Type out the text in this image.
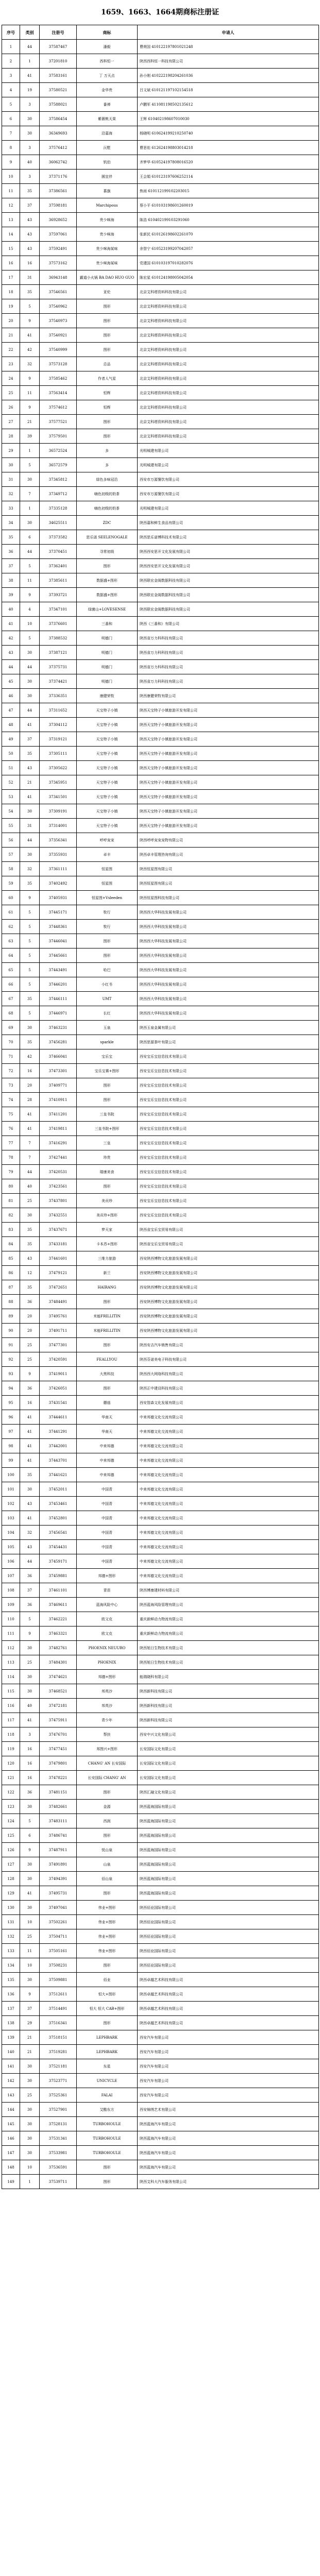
1659、1663、1664期商标注册证
序号	类别	注册号	商标	申请人
1	44	37587467	潘毅	曹荷国 410122197801021248
2	1	37201810	西科恒一	陕西西科恒一科技有限公司
3	41	37583161	丁 万天点	孙小刚 410222198204261036
4	19	37580521	金华贵	吕文斌 610121197102154518
5	3	37588021	番禅	卢鹏军 411081198502135612
6	30	37586454	紫薇桃天果	王辉 610402198607010030
7	30	36349693	沿嘉海	杨晓明 610624199210250740
8	3	37576412	沅墅	曹思佑 612624198803014218
9	40	36062742	钒伯	齐梦华 610524197808016520
10	3	37371176	圆宜伴	王会娟 610123197606252114
11	35	37386561	慕旗	焦雨 610112199102203015
12	37	37598181	Marchipous	蔡小平 610103198601260019
13	43	36928652	贵少咪海	陈浩 610402199103291060
14	43	37597061	贵少咪海	张新民 610126198602261070
15	43	37592491	贵少咪海某味	余智宁 610523199207042057
16	16	37573162	贵少咪海某味	党建国 610103197010282076
17	31	36943148	霸道小火锅 BA DAO HUO GUO	陈宏星 610124198005042054
18	35	37546561	亚伦	北京艾科塔资料科技有限公司
19	5	37540962	图形	北京艾科塔资料科技有限公司
20	9	37540973	图形	北京艾科塔资料科技有限公司
21	41	37540921	图形	北京艾科塔资料科技有限公司
22	42	37540999	图形	北京艾科塔资料科技有限公司
23	32	37573128	忌品	北京艾科塔资料科技有限公司
24	9	37585462	作者人气星	北京艾科塔资料科技有限公司
25	11	37563414	恒辉	北京艾科塔资料科技有限公司
26	9	37574612	恒辉	北京艾科塔资料科技有限公司
27	21	37577521	图形	北京艾科塔资料科技有限公司
28	39	37579501	图形	北京艾科塔资料科技有限公司
29	1	36572524	多	光明城建有限公司
30	5	36572579	多	光明城建有限公司
31	30	37345812	绿色多味冠沿	西安市万源餐饮有限公司
32	7	37349712	嗨色初级的奶茶	西安市万源餐饮有限公司
33	1	37335128	嗨色初级的奶茶	光明城建有限公司
34	30	34625511	ZDC	陕西嘉和鲜生食品有限公司
35	6	37373582	思乐诺 SEELENOGALE	陕西思乐诺博科技术有限公司
36	44	37370451	寻常初级	陕西西安思开文化发展有限公司
37	5	37362401	图形	陕西西安思开文化发展有限公司
38	11	37385611	数据盛+图形	陕西联宏金阁数据科技有限公司
39	9	37393721	数据盛+图形	陕西联宏金阁数据科技有限公司
40	4	37347101	绿菌山+LOVESENSE	陕西联宏金阁数据科技有限公司
41	10	37376601	三番和	陕西《三番和》有限公司
42	5	37388532	明德门	陕西省万力科科技有限公司
43	30	37387121	明德门	陕西省万力科科技有限公司
44	44	37375731	明德门	陕西省万力科科技有限公司
45	30	37374421	明德门	陕西省万力科科技有限公司
46	30	37336351	康健荣牧	陕西康健荣牧有限公司
47	44	37311652	天宝特子小镇	陕西天宝特子小镇旅游开发有限公司
48	41	37304112	天宝特子小镇	陕西天宝特子小镇旅游开发有限公司
49	37	37319121	天宝特子小镇	陕西天宝特子小镇旅游开发有限公司
50	35	37305111	天宝特子小镇	陕西天宝特子小镇旅游开发有限公司
51	43	37305622	天宝特子小镇	陕西天宝特子小镇旅游开发有限公司
52	21	37345951	天宝特子小镇	陕西天宝特子小镇旅游开发有限公司
53	41	37341501	天宝特子小镇	陕西天宝特子小镇旅游开发有限公司
54	30	37309191	天宝特子小镇	陕西天宝特子小镇旅游开发有限公司
55	31	37314001	天宝特子小镇	陕西天宝特子小镇旅游开发有限公司
56	44	37356341	呼呼宠宠	陕西呼呼宠宠宠物有限公司
57	30	37355931	卓丰	陕西卓丰管理咨询有限公司
58	32	37361111	恒星图	陕西恒星图有限公司
59	35	37402492	恒星图	陕西恒星图有限公司
60	9	37405931	恒星图+Vsleeden	陕西恒星图科技有限公司
61	5	37445171	牧行	陕西西大华科技发展有限公司
62	5	37448361	牧行	陕西西大华科技发展有限公司
63	5	37446041	图形	陕西西大华科技发展有限公司
64	5	37445661	图形	陕西西大华科技发展有限公司
65	5	37443491	哈巴	陕西西大华科技发展有限公司
66	5	37446201	小红书	陕西西大华科技发展有限公司
67	35	37446111	UMT	陕西西大华科技发展有限公司
68	5	37446971	长红	陕西西大华科技发展有限公司
69	30	37463231	玉泉	陕西玉泉金属有限公司
70	35	37456281	sparkle	陕西思源茶叶有限公司
71	42	37466041	宝乐宝	西安宝乐宝信息技术有限公司
72	16	37473301	宝乐宝赛+图形	西安宝乐宝信息技术有限公司
73	20	37409771	图形	西安宝乐宝信息技术有限公司
74	28	37410911	图形	西安宝乐宝信息技术有限公司
75	41	37411201	三皇书院	西安宝乐宝信息技术有限公司
76	41	37419811	三皇书院+图形	西安宝乐宝信息技术有限公司
77	7	37416291	三皇	西安宝乐宝信息技术有限公司
78	7	37427441	珍贵	西安宝乐宝信息技术有限公司
79	44	37420531	瑞康美食	西安宝乐宝信息技术有限公司
80	40	37423561	图形	西安宝乐宝信息技术有限公司
81	25	37437801	美贡珍	西安宝乐宝信息技术有限公司
82	30	37432551	美贡珍+图形	西安宝乐宝信息技术有限公司
83	35	37437671	梦天家	陕西省宝乐宝贸易有限公司
84	35	37433181	卡本苏+图形	陕西省宝乐宝贸易有限公司
85	43	37441601	三维力旅游	西安陕西博物文化旅游发展有限公司
86	12	37479121	新兰	西安陕西博物文化旅游发展有限公司
87	35	37472651	HAIRANG	西安陕西博物文化旅游发展有限公司
88	36	37484491	图形	西安陕西博物文化旅游发展有限公司
89	20	37495761	米能FRILLITIN	西安陕西博物文化旅游发展有限公司
90	20	37491711	米能FRILLITIN	西安陕西博物文化旅游发展有限公司
91	25	37477301	图形	陕西安吉汽车销售有限公司
92	25	37420591	FEALLYOU	陕西芬诺美电子科技有限公司
93	9	37419011	大黑科技	陕西西大网络科技有限公司
94	36	37426051	图形	陕西正中建设科技有限公司
95	16	37431541	蘑菇	西安智森文化发展有限公司
96	41	37444611	华南天	中来邦德文化交流有限公司
97	41	37441291	华南天	中来邦德文化交流有限公司
98	41	37442001	中来邦德	中来邦德文化交流有限公司
99	41	37443701	中来邦德	中来邦德文化交流有限公司
100	35	37441621	中来邦德	中来邦德文化交流有限公司
101	30	37452011	中国青	中来邦德文化交流有限公司
102	43	37453461	中国青	中来邦德文化交流有限公司
103	41	37452801	中国青	中来邦德文化交流有限公司
104	32	37456541	中国青	中来邦德文化交流有限公司
105	43	37454431	中国青	中来邦德文化交流有限公司
106	44	37459171	中国青	中来邦德文化交流有限公司
107	36	37459881	邦德+图形	中来邦德文化交流有限公司
108	37	37461101	青苗	陕西博康建材料有限公司
109	36	37469611	蓝海风险中心	陕西蓝海风险管理有限公司
110	5	37462221	欧文克	重庆新鲜动力物流有限公司
111	9	37463321	欧文克	重庆新鲜动力物流有限公司
112	30	37482761	PHOENIX NEUURO	陕西旭日生物技术有限公司
113	25	37484301	PHOENIX	陕西旭日生物技术有限公司
114	30	37474621	邦德+图形	能瑞晓科有限公司
115	30	37468521	邦英沙	陕西新科技有限公司
116	40	37472181	邦英沙	陕西新科技有限公司
117	41	37475911	青少年	陕西新科技有限公司
118	3	37476701	帮扶	西安中兴文化有限公司
119	16	37477451	邦图兴+图形	长安国际文化有限公司
120	16	37479801	CHANG' AN 长安国际	长安国际文化有限公司
121	16	37478221	长安国际 CHANG' AN	长安国际文化有限公司
122	36	37481151	图形	陕西汇融文化有限公司
123	30	37482661	金源	陕西蓝海国际有限公司
124	5	37483111	西润	陕西蓝海国际有限公司
125	6	37486741	图形	陕西蓝海国际有限公司
126	9	37487911	悦山泉	陕西蓝海国际有限公司
127	30	37491891	山泉	陕西蓝海国际有限公司
128	30	37494391	佰山泉	陕西蓝海国际有限公司
129	41	37495731	图形	陕西蓝海国际有限公司
130	30	37497041	伟业+图形	陕西佰业国际有限公司
131	10	37502261	伟业+图形	陕西佰业国际有限公司
132	25	37504711	伟业+图形	陕西佰业国际有限公司
133	11	37505161	伟业+图形	陕西佰业国际有限公司
134	10	37508231	图形	陕西佰业国际有限公司
135	30	37509881	佰业	陕西卓越艺术科技有限公司
136	9	37512611	恒大+图形	陕西卓越艺术科技有限公司
137	37	37514491	恒大 恒大 CAB+图形	陕西卓越艺术科技有限公司
138	29	37516341	图形	陕西卓越艺术科技有限公司
139	21	37518151	LEPHBARK	西安汽车有限公司
140	21	37519281	LEPHBARK	西安汽车有限公司
141	30	37521181	东星	西安汽车有限公司
142	30	37523771	UNICYCLE	西安汽车有限公司
143	25	37525361	FALAI	西安汽车有限公司
144	30	37527901	艾酷东方	西安锦绣艺术有限公司
145	30	37528131	TURBOHOULE	陕西蓝海汽车有限公司
146	30	37531341	TURBOHOULE	陕西蓝海汽车有限公司
147	30	37533981	TURBOHOULE	陕西蓝海汽车有限公司
148	10	37536591	图形	陕西蓝海汽车有限公司
149	1	37539711	图形	陕西艾科大汽车服务有限公司
